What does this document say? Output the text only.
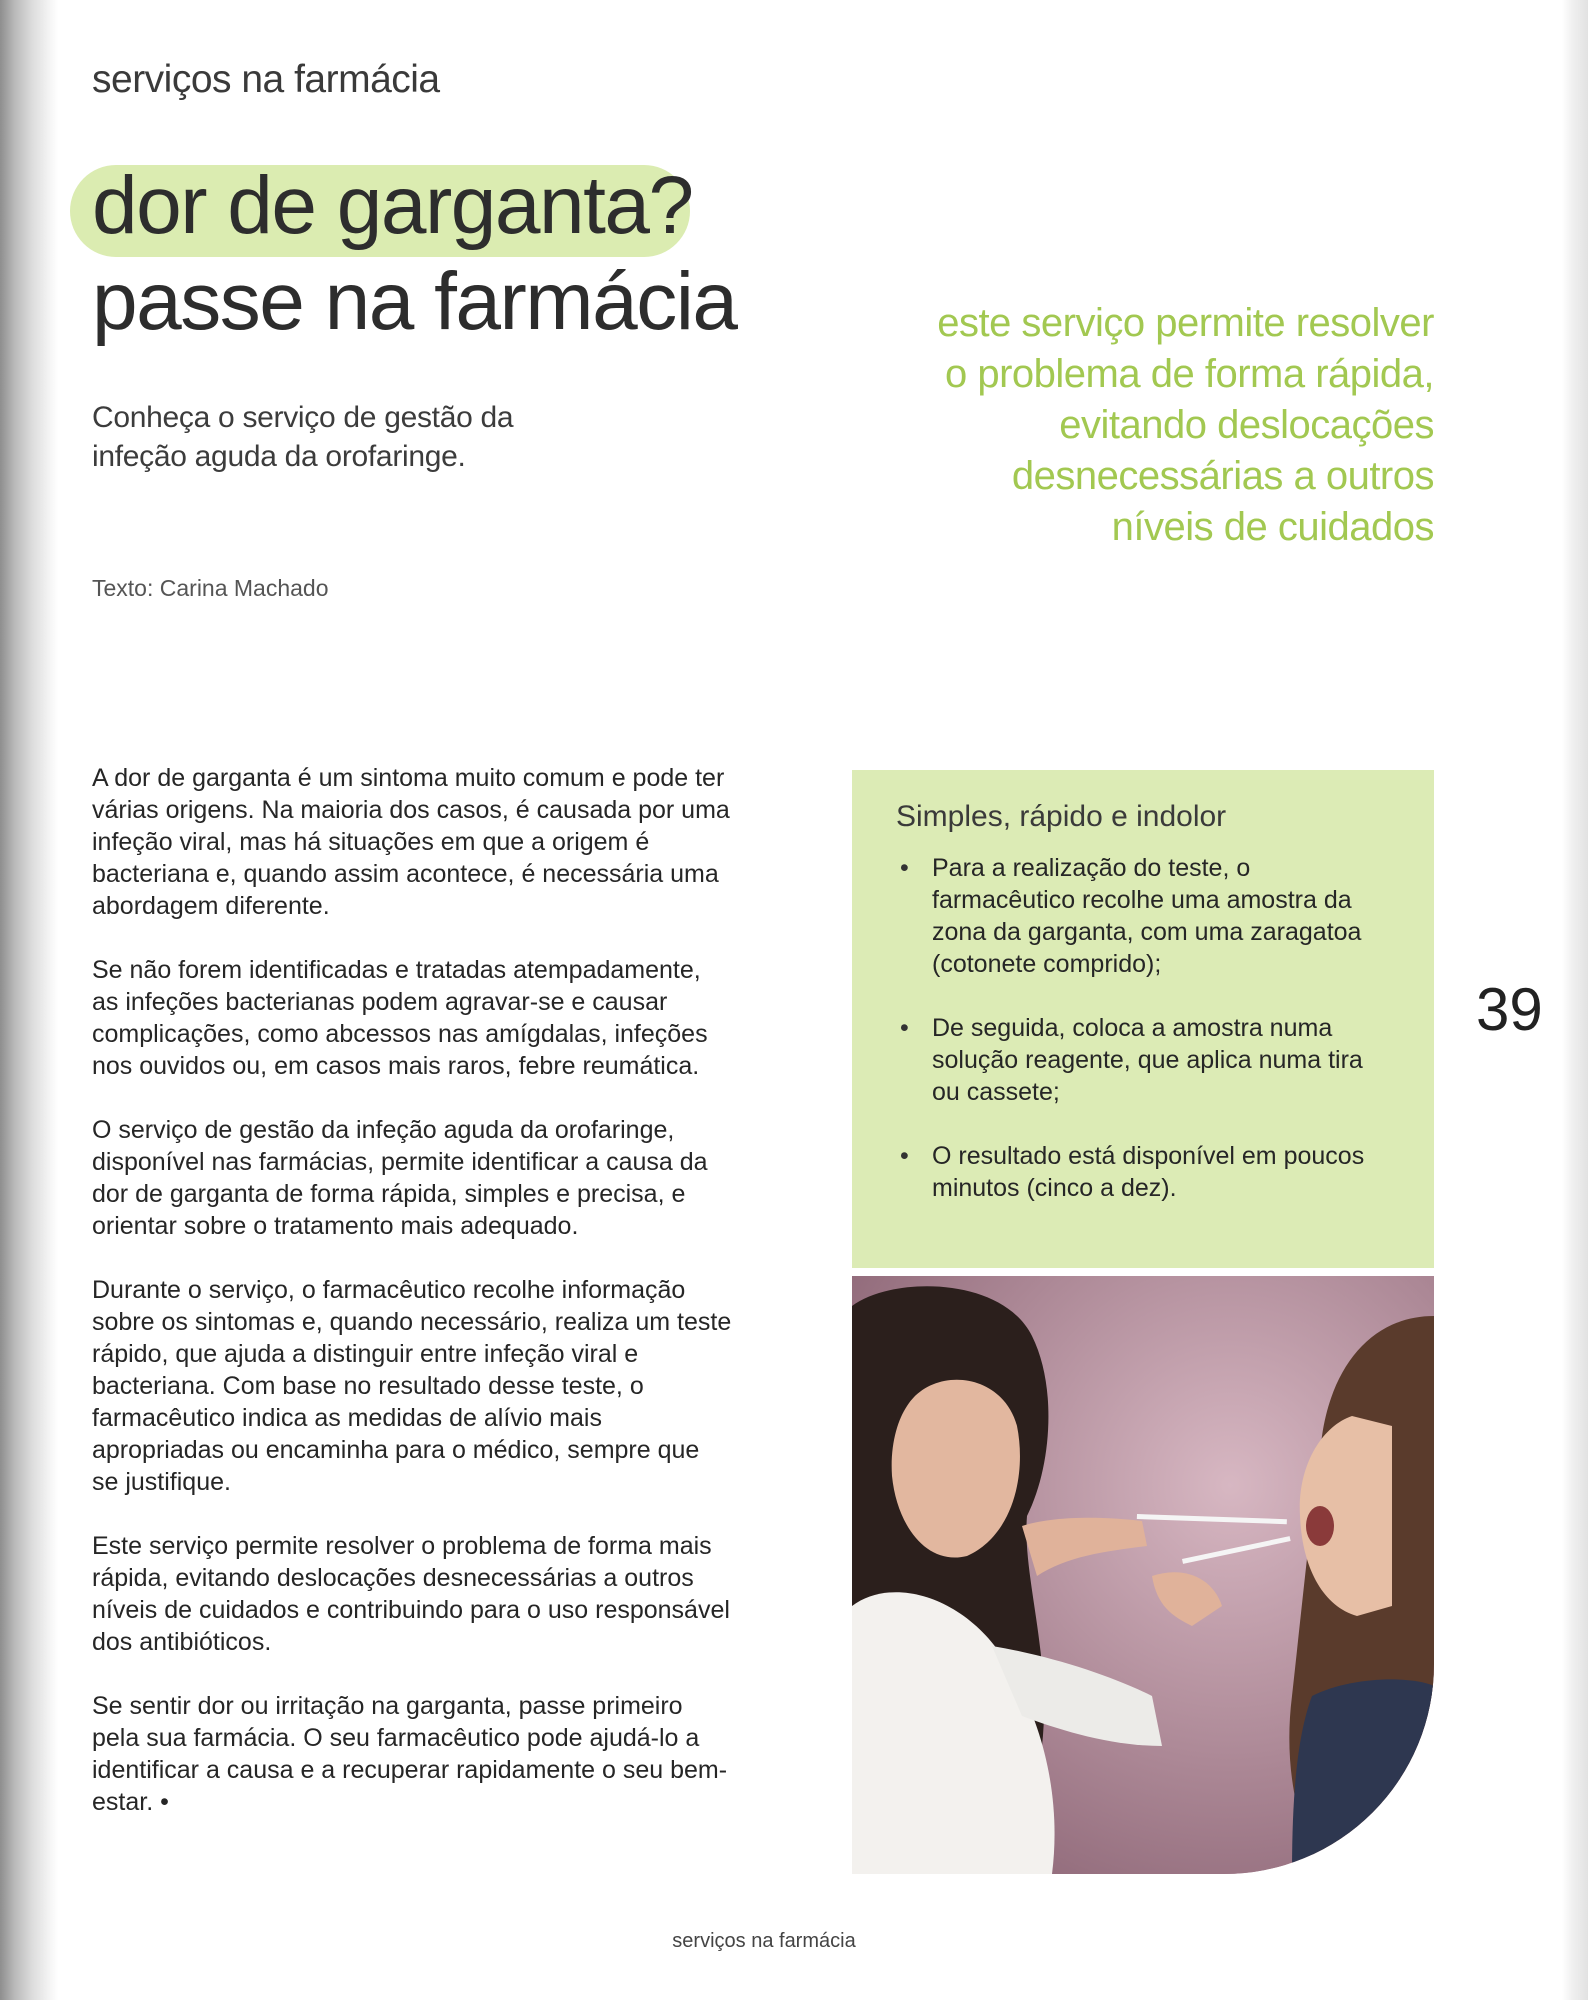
serviços na farmácia
dor de garganta?
passe na farmácia
Conheça o serviço de gestão da infeção aguda da orofaringe.
Texto: Carina Machado
este serviço permite resolver o problema de forma rápida, evitando deslocações desnecessárias a outros níveis de cuidados

A dor de garganta é um sintoma muito comum e pode ter várias origens. Na maioria dos casos, é causada por uma infeção viral, mas há situações em que a origem é bacteriana e, quando assim acontece, é necessária uma abordagem diferente.

Se não forem identificadas e tratadas atempadamente, as infeções bacterianas podem agravar-se e causar complicações, como abcessos nas amígdalas, infeções nos ouvidos ou, em casos mais raros, febre reumática.

O serviço de gestão da infeção aguda da orofaringe, disponível nas farmácias, permite identificar a causa da dor de garganta de forma rápida, simples e precisa, e orientar sobre o tratamento mais adequado.

Durante o serviço, o farmacêutico recolhe informação sobre os sintomas e, quando necessário, realiza um teste rápido, que ajuda a distinguir entre infeção viral e bacteriana. Com base no resultado desse teste, o farmacêutico indica as medidas de alívio mais apropriadas ou encaminha para o médico, sempre que se justifique.

Este serviço permite resolver o problema de forma mais rápida, evitando deslocações desnecessárias a outros níveis de cuidados e contribuindo para o uso responsável dos antibióticos.

Se sentir dor ou irritação na garganta, passe primeiro pela sua farmácia. O seu farmacêutico pode ajudá-lo a identificar a causa e a recuperar rapidamente o seu bem-estar. •

Simples, rápido e indolor
• Para a realização do teste, o farmacêutico recolhe uma amostra da zona da garganta, com uma zaragatoa (cotonete comprido);
• De seguida, coloca a amostra numa solução reagente, que aplica numa tira ou cassete;
• O resultado está disponível em poucos minutos (cinco a dez).
39
serviços na farmácia
